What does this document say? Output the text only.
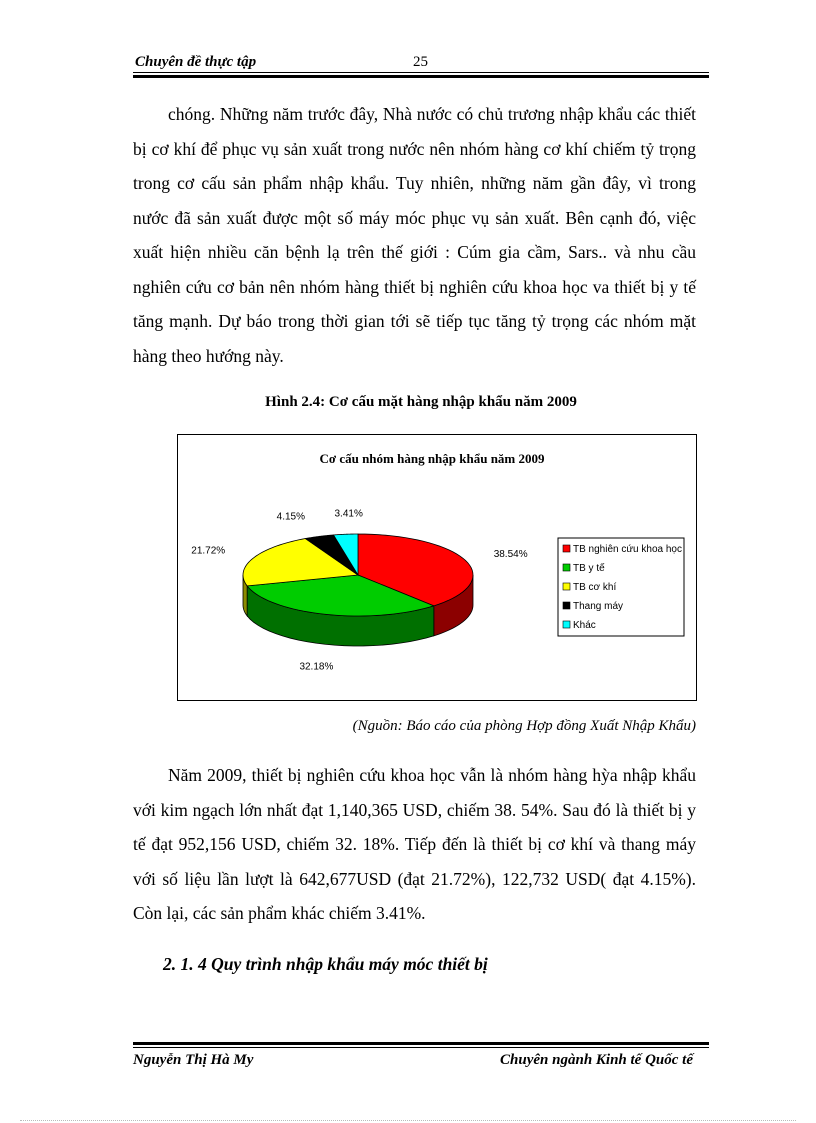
Chuyên đề thực tập	25

chóng. Những năm trước đây, Nhà nước có chủ trương nhập khẩu các thiết bị cơ khí để phục vụ sản xuất trong nước nên nhóm hàng cơ khí chiếm tỷ trọng trong cơ cấu sản phẩm nhập khẩu. Tuy nhiên, những năm gần đây, vì trong nước đã sản xuất được một số máy móc phục vụ sản xuất. Bên cạnh đó, việc xuất hiện nhiều căn bệnh lạ trên thế giới : Cúm gia cầm, Sars.. và nhu cầu nghiên cứu cơ bản nên nhóm hàng thiết bị nghiên cứu khoa học va thiết bị y tế tăng mạnh. Dự báo trong thời gian tới sẽ tiếp tục tăng tỷ trọng các nhóm mặt hàng theo hướng này.

Hình 2.4: Cơ cấu mặt hàng nhập khẩu năm 2009
Cơ cấu nhóm hàng nhập khẩu năm 2009
38.54%
32.18%
21.72%
4.15%	3.41%
TB nghiên cứu khoa học
TB y tế
TB cơ khí
Thang máy
Khác
(Nguồn: Báo cáo của phòng Hợp đồng Xuất Nhập Khẩu)

Năm 2009, thiết bị nghiên cứu khoa học vẫn là nhóm hàng hỳa nhập khẩu với kim ngạch lớn nhất đạt 1,140,365 USD, chiếm 38. 54%. Sau đó là thiết bị y tế đạt 952,156 USD, chiếm 32. 18%. Tiếp đến là thiết bị cơ khí và thang máy với số liệu lần lượt là 642,677USD (đạt 21.72%), 122,732 USD( đạt 4.15%). Còn lại, các sản phẩm khác chiếm 3.41%.

2. 1. 4 Quy trình nhập khẩu máy móc thiết bị
Nguyễn Thị Hà My	Chuyên ngành Kinh tế Quốc tế
